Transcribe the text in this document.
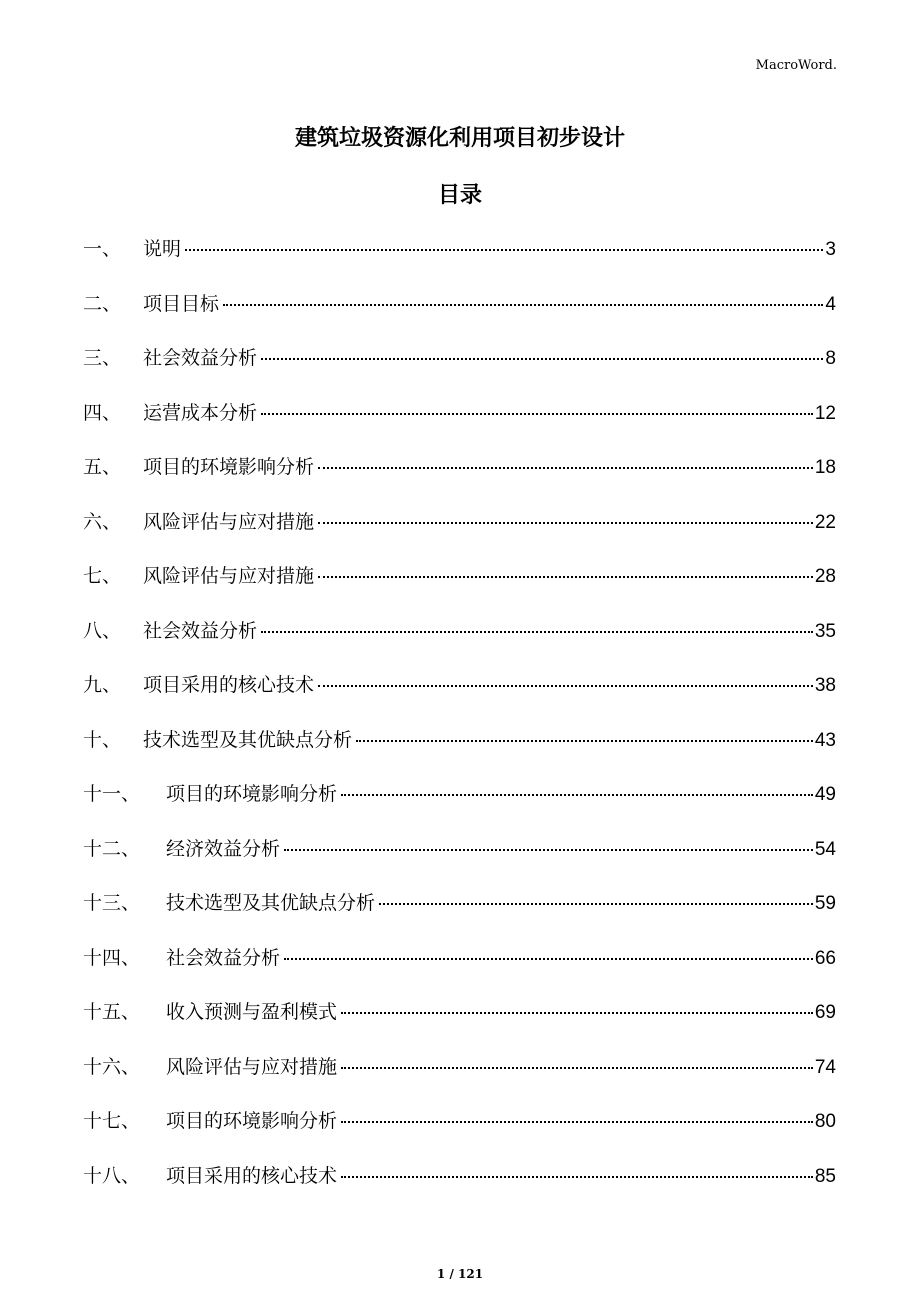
MacroWord.
建筑垃圾资源化利用项目初步设计
目录
一、	说明	3
二、	项目目标	4
三、	社会效益分析	8
四、	运营成本分析	12
五、	项目的环境影响分析	18
六、	风险评估与应对措施	22
七、	风险评估与应对措施	28
八、	社会效益分析	35
九、	项目采用的核心技术	38
十、	技术选型及其优缺点分析	43
十一、	项目的环境影响分析	49
十二、	经济效益分析	54
十三、	技术选型及其优缺点分析	59
十四、	社会效益分析	66
十五、	收入预测与盈利模式	69
十六、	风险评估与应对措施	74
十七、	项目的环境影响分析	80
十八、	项目采用的核心技术	85
1 / 121
